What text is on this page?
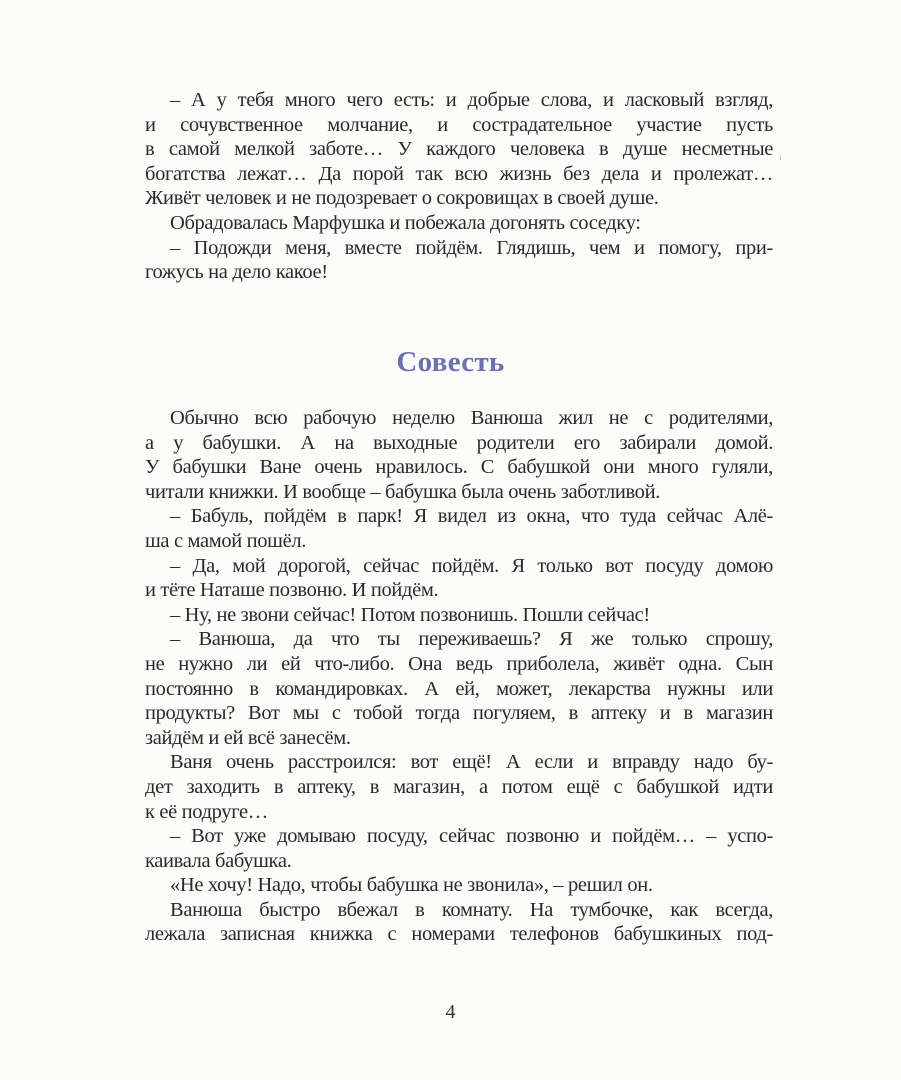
– А у тебя много чего есть: и добрые слова, и ласковый взгляд,
и сочувственное молчание, и сострадательное участие пусть
в самой мелкой заботе… У каждого человека в душе несметные
богатства лежат… Да порой так всю жизнь без дела и пролежат…
Живёт человек и не подозревает о сокровищах в своей душе.
Обрадовалась Марфушка и побежала догонять соседку:
– Подожди меня, вместе пойдём. Глядишь, чем и помогу, при-
гожусь на дело какое!
Совесть
Обычно всю рабочую неделю Ванюша жил не с родителями,
а у бабушки. А на выходные родители его забирали домой.
У бабушки Ване очень нравилось. С бабушкой они много гуляли,
читали книжки. И вообще – бабушка была очень заботливой.
– Бабуль, пойдём в парк! Я видел из окна, что туда сейчас Алё-
ша с мамой пошёл.
– Да, мой дорогой, сейчас пойдём. Я только вот посуду домою
и тёте Наташе позвоню. И пойдём.
– Ну, не звони сейчас! Потом позвонишь. Пошли сейчас!
– Ванюша, да что ты переживаешь? Я же только спрошу,
не нужно ли ей что-либо. Она ведь приболела, живёт одна. Сын
постоянно в командировках. А ей, может, лекарства нужны или
продукты? Вот мы с тобой тогда погуляем, в аптеку и в магазин
зайдём и ей всё занесём.
Ваня очень расстроился: вот ещё! А если и вправду надо бу-
дет заходить в аптеку, в магазин, а потом ещё с бабушкой идти
к её подруге…
– Вот уже домываю посуду, сейчас позвоню и пойдём… – успо-
каивала бабушка.
«Не хочу! Надо, чтобы бабушка не звонила», – решил он.
Ванюша быстро вбежал в комнату. На тумбочке, как всегда,
лежала записная книжка с номерами телефонов бабушкиных под-
4
